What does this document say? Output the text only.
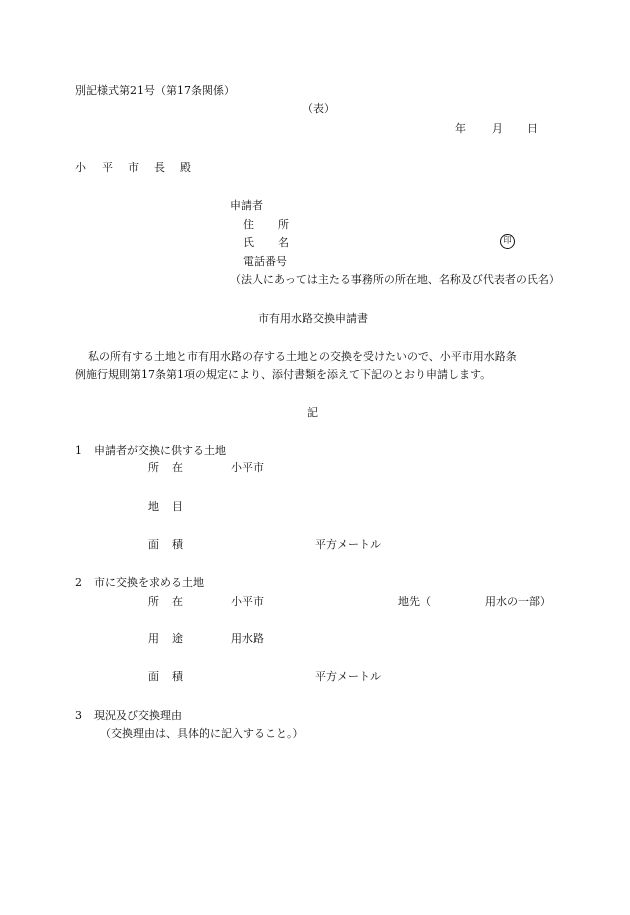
別記様式第21号（第17条関係）
（表）
年 月 日
小 平 市 長 殿
申請者
住 所
氏 名	印
電話番号
（法人にあっては主たる事務所の所在地、名称及び代表者の氏名）
市有用水路交換申請書
私の所有する土地と市有用水路の存する土地との交換を受けたいので、小平市用水路条
例施行規則第17条第1項の規定により、添付書類を添えて下記のとおり申請します。
記
1 申請者が交換に供する土地
所 在	小平市
地 目
面 積	平方メートル
2 市に交換を求める土地
所 在	小平市	地先（	用水の一部）
用 途	用水路
面 積	平方メートル
3 現況及び交換理由
（交換理由は、具体的に記入すること。）
